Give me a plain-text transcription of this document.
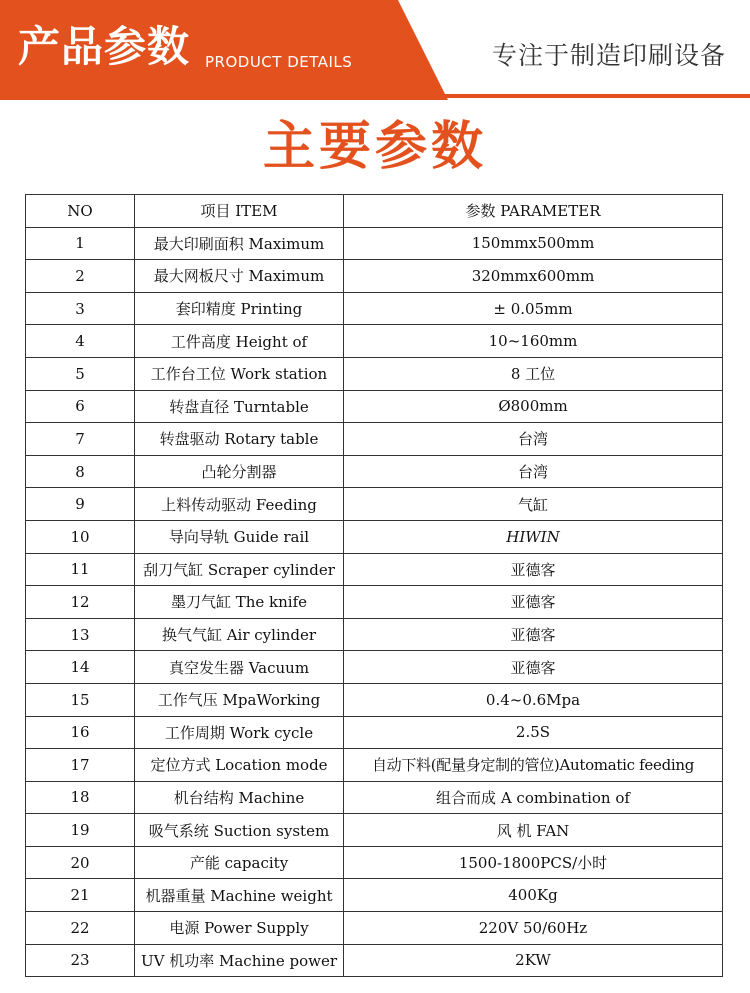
产品参数 PRODUCT DETAILS	专注于制造印刷设备
主要参数
NO	项目 ITEM	参数 PARAMETER
1	最大印刷面积 Maximum	150mmx500mm
2	最大网板尺寸 Maximum	320mmx600mm
3	套印精度 Printing	± 0.05mm
4	工件高度 Height of	10~160mm
5	工作台工位 Work station	8 工位
6	转盘直径 Turntable	Ø800mm
7	转盘驱动 Rotary table	台湾
8	凸轮分割器	台湾
9	上料传动驱动 Feeding	气缸
10	导向导轨 Guide rail	HIWIN
11	刮刀气缸 Scraper cylinder	亚德客
12	墨刀气缸 The knife	亚德客
13	换气气缸 Air cylinder	亚德客
14	真空发生器 Vacuum	亚德客
15	工作气压 MpaWorking	0.4~0.6Mpa
16	工作周期 Work cycle	2.5S
17	定位方式 Location mode	自动下料(配量身定制的管位)Automatic feeding
18	机台结构 Machine	组合而成 A combination of
19	吸气系统 Suction system	风 机 FAN
20	产能 capacity	1500-1800PCS/小时
21	机器重量 Machine weight	400Kg
22	电源 Power Supply	220V 50/60Hz
23	UV 机功率 Machine power	2KW
